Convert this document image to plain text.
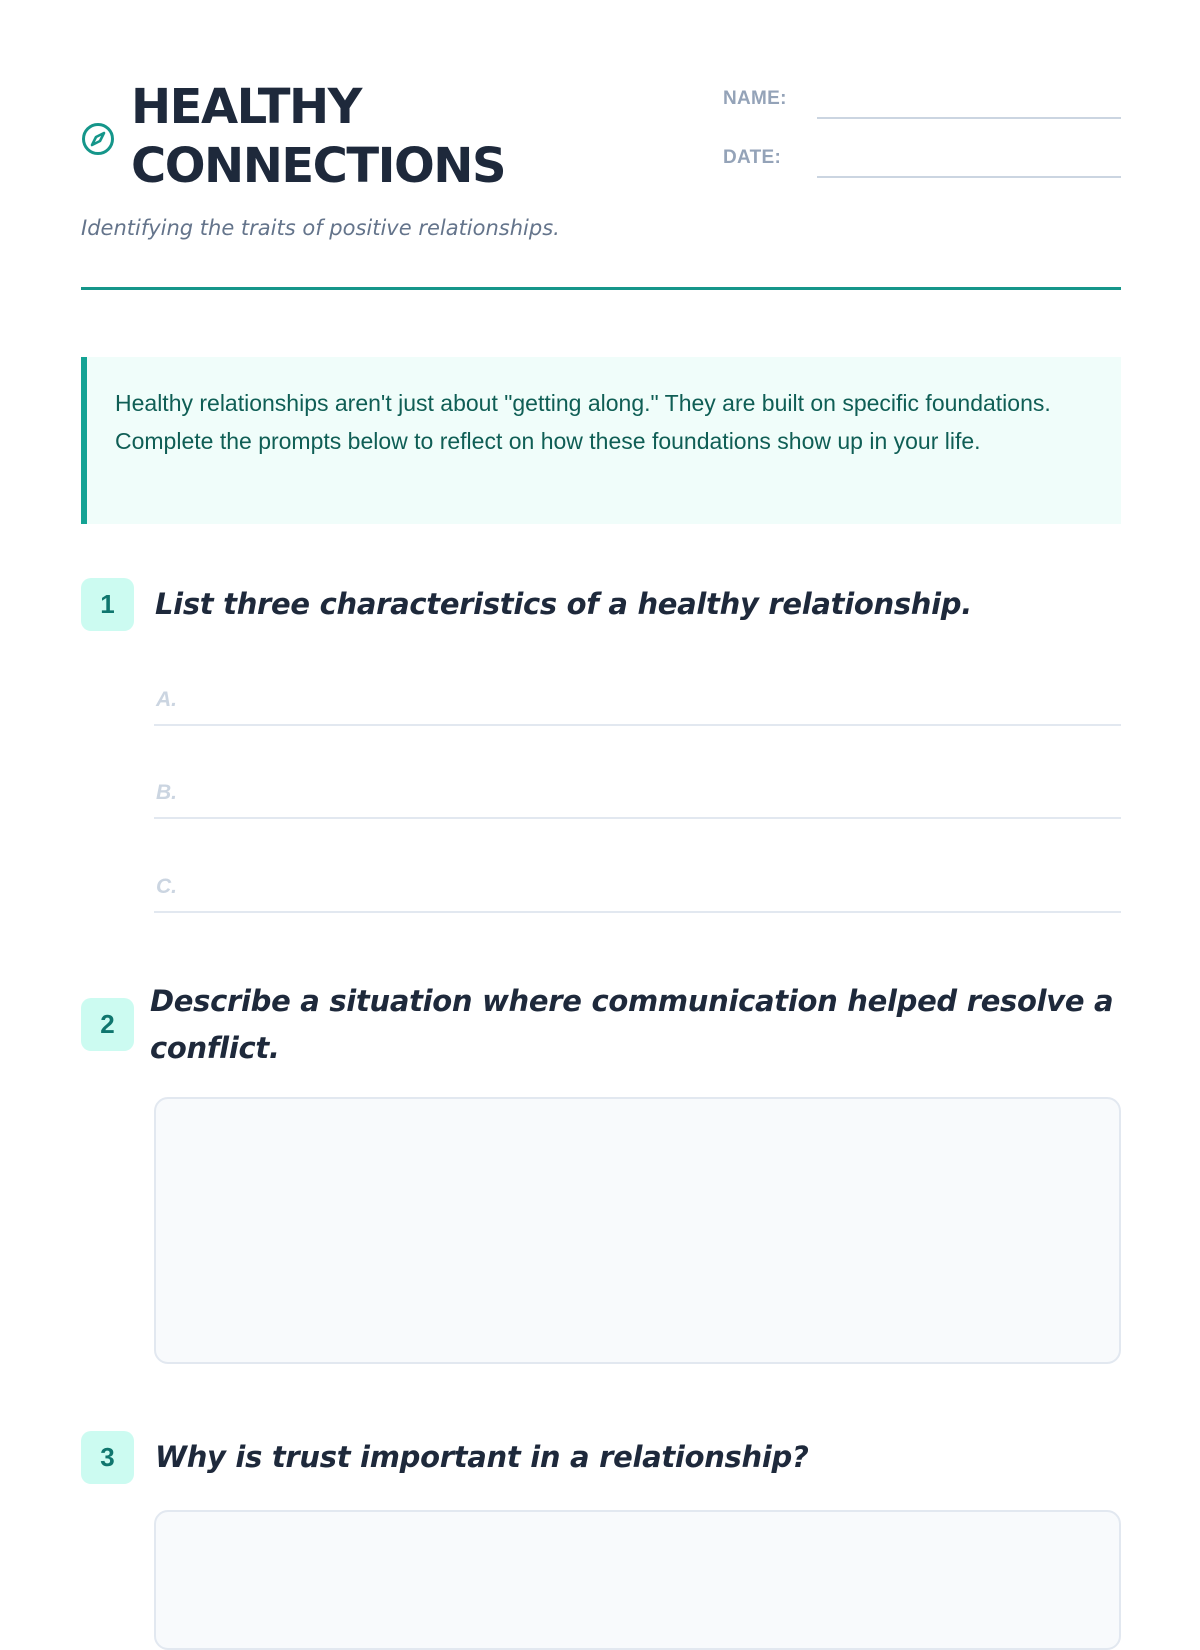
HEALTHY
CONNECTIONS
Identifying the traits of positive relationships.
NAME:
DATE:
Healthy relationships aren't just about "getting along." They are built on specific foundations. Complete the prompts below to reflect on how these foundations show up in your life.
1	List three characteristics of a healthy relationship.
A.
B.
C.
2
Describe a situation where communication helped resolve a conflict.
3	Why is trust important in a relationship?
